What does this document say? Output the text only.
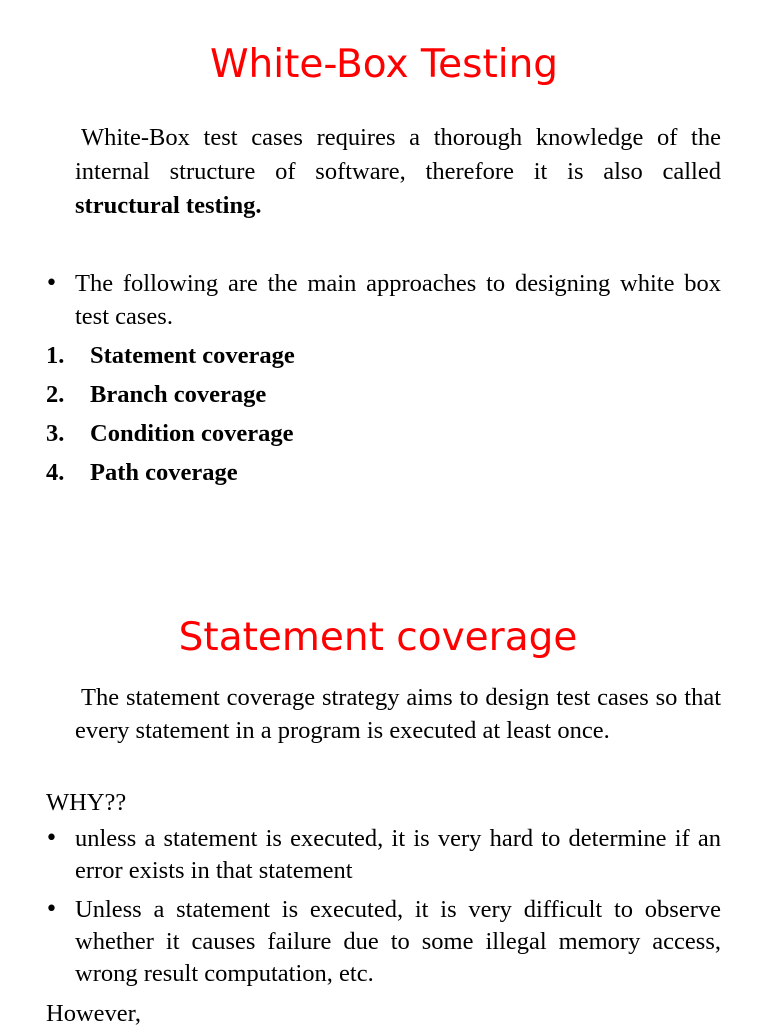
White-Box Testing

White-Box test cases requires a thorough knowledge of the internal structure of software, therefore it is also called structural testing.

• The following are the main approaches to designing white box test cases.

1. Statement coverage

2. Branch coverage

3. Condition coverage

4. Path coverage

Statement coverage

The statement coverage strategy aims to design test cases so that every statement in a program is executed at least once.

WHY??

• unless a statement is executed, it is very hard to determine if an error exists in that statement

• Unless a statement is executed, it is very difficult to observe whether it causes failure due to some illegal memory access, wrong result computation, etc.

However,
